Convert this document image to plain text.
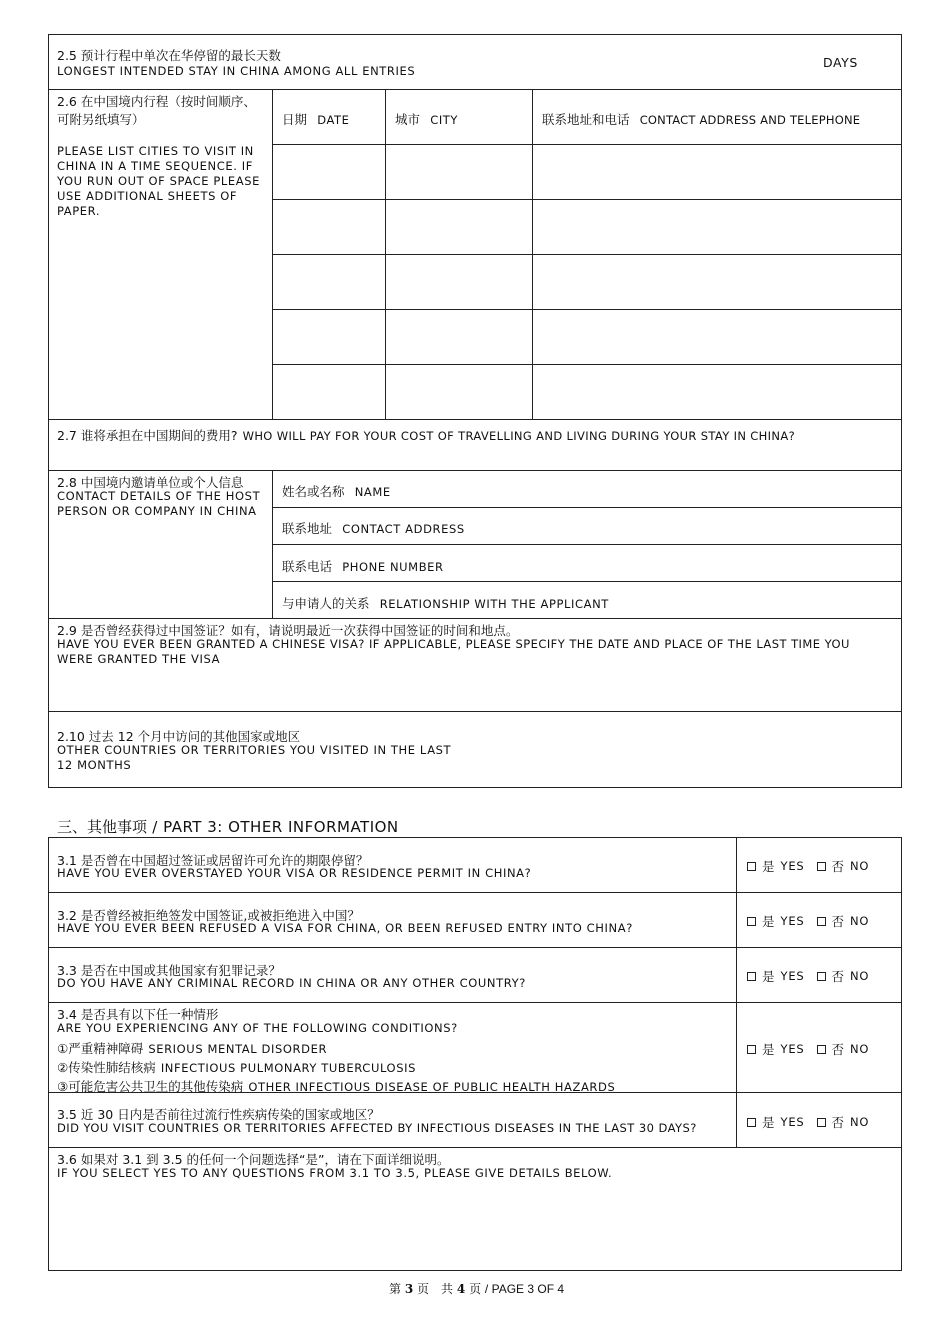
2.5 预计行程中单次在华停留的最长天数
LONGEST INTENDED STAY IN CHINA AMONG ALL ENTRIES
DAYS
2.6 在中国境内行程（按时间顺序、
可附另纸填写）
PLEASE LIST CITIES TO VISIT IN
CHINA IN A TIME SEQUENCE. IF
YOU RUN OUT OF SPACE PLEASE
USE ADDITIONAL SHEETS OF
PAPER.
日期 DATE	城市 CITY	联系地址和电话 CONTACT ADDRESS AND TELEPHONE
2.7 谁将承担在中国期间的费用? WHO WILL PAY FOR YOUR COST OF TRAVELLING AND LIVING DURING YOUR STAY IN CHINA?
2.8 中国境内邀请单位或个人信息
CONTACT DETAILS OF THE HOST
PERSON OR COMPANY IN CHINA
姓名或名称 NAME
联系地址 CONTACT ADDRESS
联系电话 PHONE NUMBER
与申请人的关系 RELATIONSHIP WITH THE APPLICANT
2.9 是否曾经获得过中国签证？如有，请说明最近一次获得中国签证的时间和地点。
HAVE YOU EVER BEEN GRANTED A CHINESE VISA? IF APPLICABLE, PLEASE SPECIFY THE DATE AND PLACE OF THE LAST TIME YOU
WERE GRANTED THE VISA
2.10 过去 12 个月中访问的其他国家或地区
OTHER COUNTRIES OR TERRITORIES YOU VISITED IN THE LAST
12 MONTHS
三、其他事项 / PART 3: OTHER INFORMATION
3.1 是否曾在中国超过签证或居留许可允许的期限停留？
HAVE YOU EVER OVERSTAYED YOUR VISA OR RESIDENCE PERMIT IN CHINA?	是 YES 否 NO
3.2 是否曾经被拒绝签发中国签证,或被拒绝进入中国？
HAVE YOU EVER BEEN REFUSED A VISA FOR CHINA, OR BEEN REFUSED ENTRY INTO CHINA?	是 YES 否 NO
3.3 是否在中国或其他国家有犯罪记录？
DO YOU HAVE ANY CRIMINAL RECORD IN CHINA OR ANY OTHER COUNTRY?	是 YES 否 NO
3.4 是否具有以下任一种情形
ARE YOU EXPERIENCING ANY OF THE FOLLOWING CONDITIONS?
①严重精神障碍 SERIOUS MENTAL DISORDER
②传染性肺结核病 INFECTIOUS PULMONARY TUBERCULOSIS
③可能危害公共卫生的其他传染病 OTHER INFECTIOUS DISEASE OF PUBLIC HEALTH HAZARDS
是 YES 否 NO
3.5 近 30 日内是否前往过流行性疾病传染的国家或地区？
DID YOU VISIT COUNTRIES OR TERRITORIES AFFECTED BY INFECTIOUS DISEASES IN THE LAST 30 DAYS?	是 YES 否 NO
3.6 如果对 3.1 到 3.5 的任何一个问题选择“是”，请在下面详细说明。
IF YOU SELECT YES TO ANY QUESTIONS FROM 3.1 TO 3.5, PLEASE GIVE DETAILS BELOW.
第 3 页　共 4 页 / PAGE 3 OF 4
